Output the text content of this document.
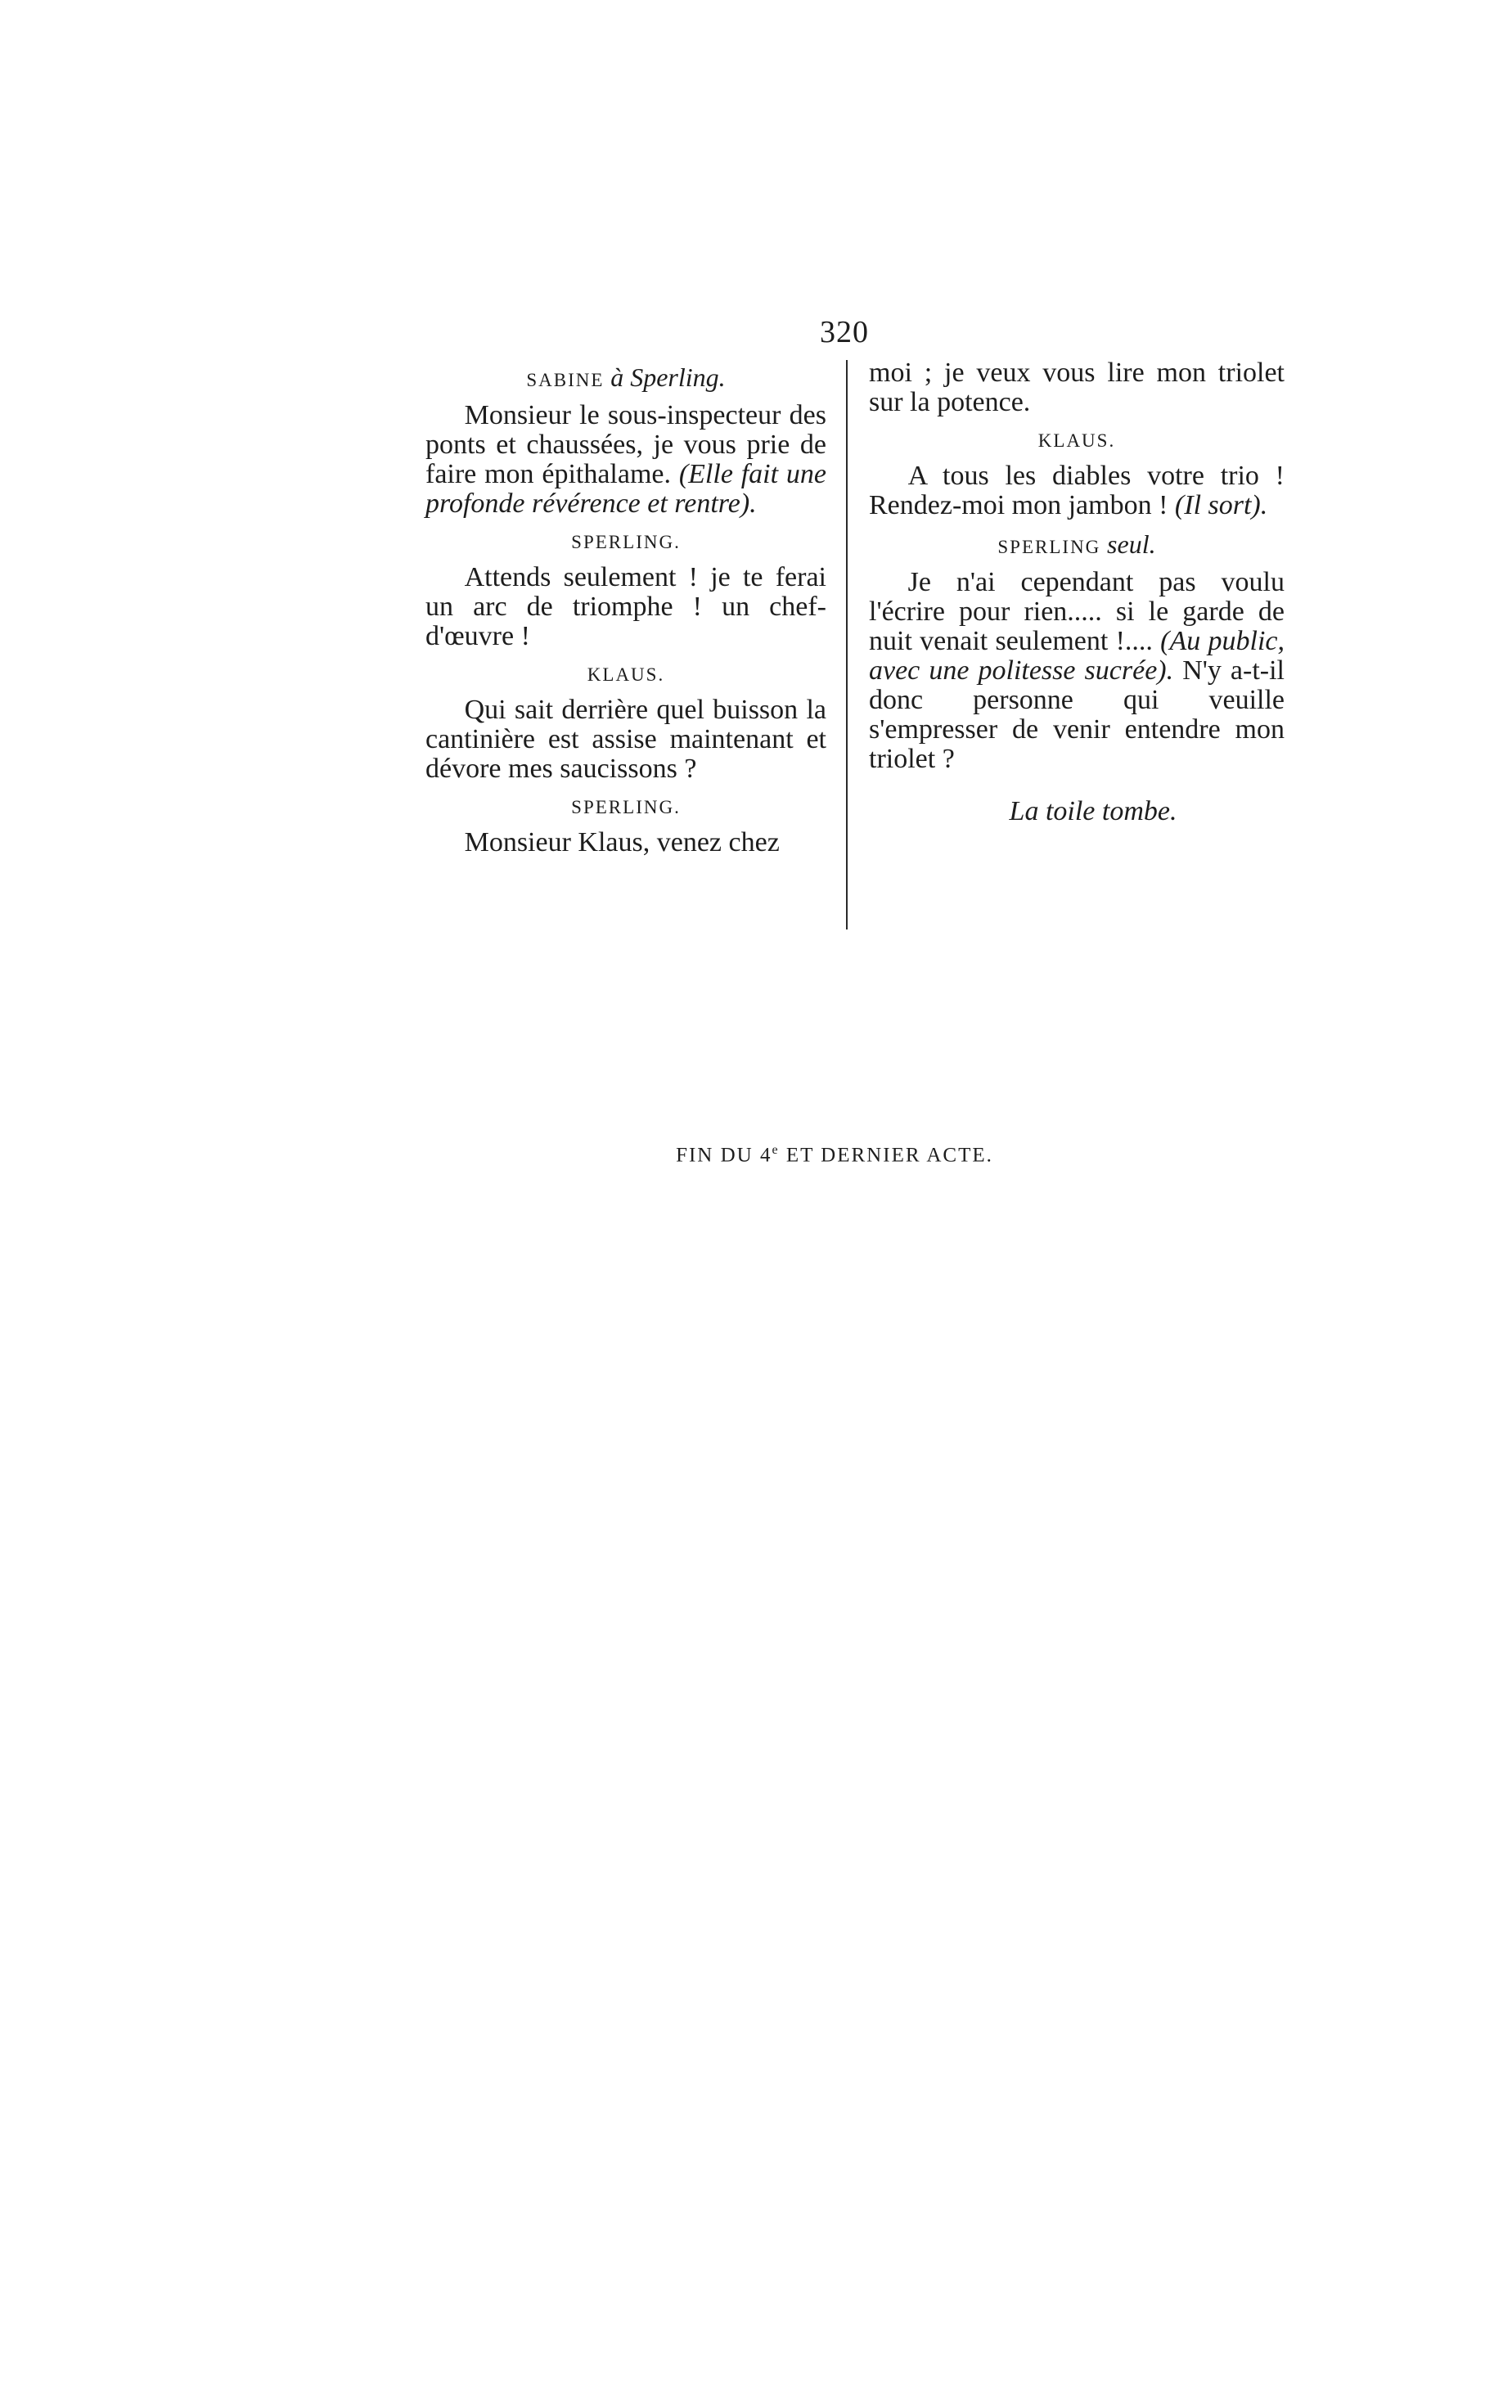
320
SABINE à Sperling.

Monsieur le sous-inspecteur des ponts et chaussées, je vous prie de faire mon épithalame. (Elle fait une profonde révérence et rentre).

SPERLING.

Attends seulement ! je te ferai un arc de triomphe ! un chef-d'œuvre !

KLAUS.

Qui sait derrière quel buisson la cantinière est assise maintenant et dévore mes saucissons ?

SPERLING.

Monsieur Klaus, venez chez

moi ; je veux vous lire mon triolet sur la potence.

KLAUS.

A tous les diables votre trio ! Rendez-moi mon jambon ! (Il sort).

SPERLING seul.

Je n'ai cependant pas voulu l'écrire pour rien..... si le garde de nuit venait seulement !.... (Au public, avec une politesse sucrée). N'y a-t-il donc personne qui veuille s'empresser de venir entendre mon triolet ?

La toile tombe.

FIN DU 4e ET DERNIER ACTE.
